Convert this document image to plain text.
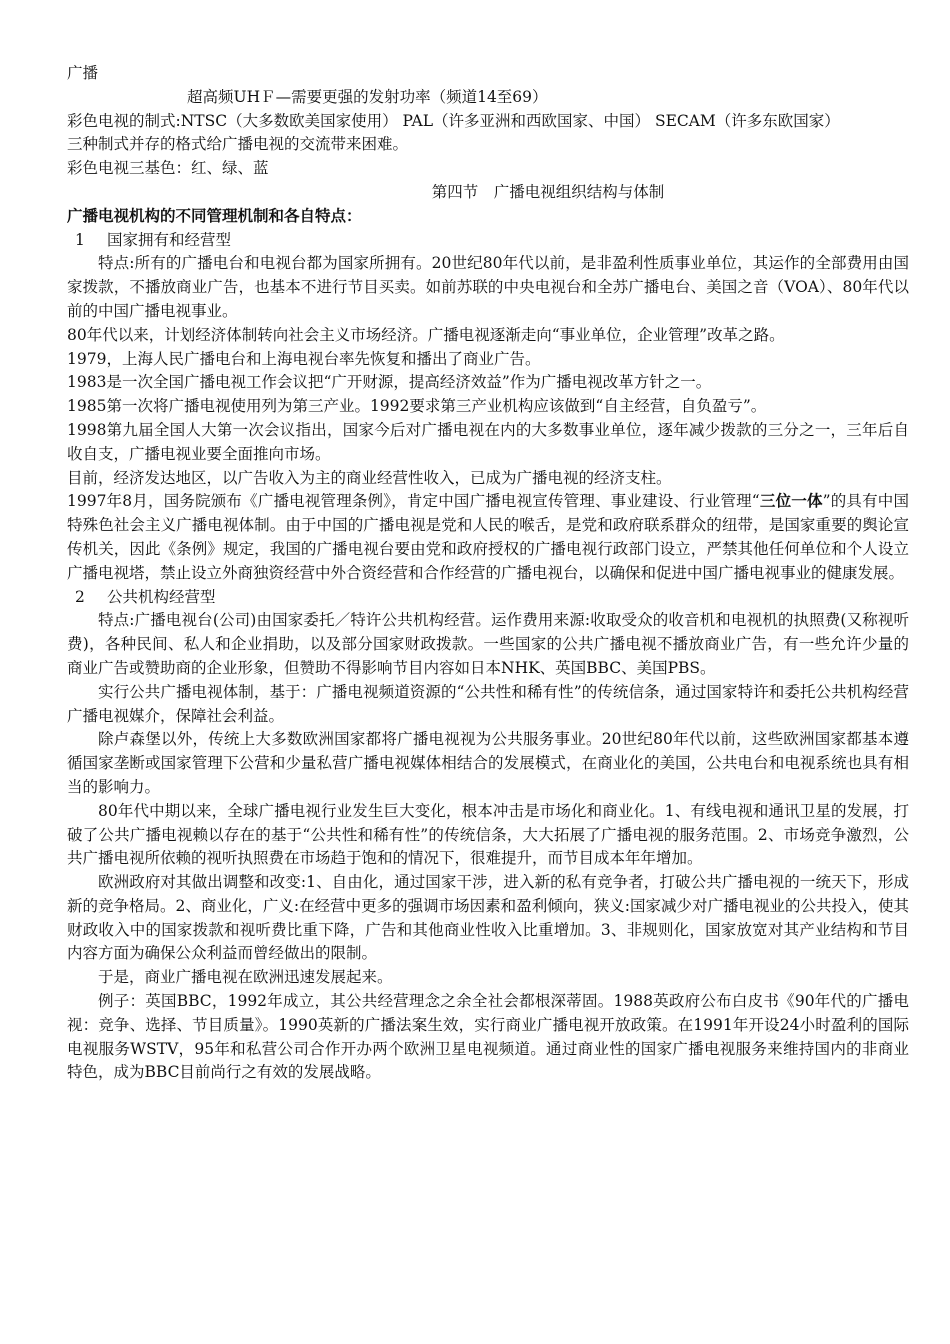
广播

超高频UHＦ—需要更强的发射功率（频道14至69）

彩色电视的制式:NTSC（大多数欧美国家使用） PAL（许多亚洲和西欧国家、中国） SECAM（许多东欧国家）

三种制式并存的格式给广播电视的交流带来困难。

彩色电视三基色：红、绿、蓝

第四节　广播电视组织结构与体制

广播电视机构的不同管理机制和各自特点：

1 国家拥有和经营型

特点:所有的广播电台和电视台都为国家所拥有。20世纪80年代以前，是非盈利性质事业单位，其运作的全部费用由国家拨款，不播放商业广告，也基本不进行节目买卖。如前苏联的中央电视台和全苏广播电台、美国之音（VOA）、80年代以前的中国广播电视事业。

80年代以来，计划经济体制转向社会主义市场经济。广播电视逐渐走向“事业单位，企业管理”改革之路。

1979，上海人民广播电台和上海电视台率先恢复和播出了商业广告。

1983是一次全国广播电视工作会议把“广开财源，提高经济效益”作为广播电视改革方针之一。

1985第一次将广播电视使用列为第三产业。1992要求第三产业机构应该做到“自主经营，自负盈亏”。

1998第九届全国人大第一次会议指出，国家今后对广播电视在内的大多数事业单位，逐年减少拨款的三分之一，三年后自收自支，广播电视业要全面推向市场。

目前，经济发达地区，以广告收入为主的商业经营性收入，已成为广播电视的经济支柱。

1997年8月，国务院颁布《广播电视管理条例》，肯定中国广播电视宣传管理、事业建设、行业管理“三位一体”的具有中国特殊色社会主义广播电视体制。由于中国的广播电视是党和人民的喉舌，是党和政府联系群众的纽带，是国家重要的舆论宣传机关，因此《条例》规定，我国的广播电视台要由党和政府授权的广播电视行政部门设立，严禁其他任何单位和个人设立广播电视塔，禁止设立外商独资经营中外合资经营和合作经营的广播电视台，以确保和促进中国广播电视事业的健康发展。

2 公共机构经营型

特点:广播电视台(公司)由国家委托／特许公共机构经营。运作费用来源:收取受众的收音机和电视机的执照费(又称视听费)，各种民间、私人和企业捐助，以及部分国家财政拨款。一些国家的公共广播电视不播放商业广告，有一些允许少量的商业广告或赞助商的企业形象，但赞助不得影响节目内容如日本NHK、英国BBC、美国PBS。

实行公共广播电视体制，基于：广播电视频道资源的“公共性和稀有性”的传统信条，通过国家特许和委托公共机构经营广播电视媒介，保障社会利益。

除卢森堡以外，传统上大多数欧洲国家都将广播电视视为公共服务事业。20世纪80年代以前，这些欧洲国家都基本遵循国家垄断或国家管理下公营和少量私营广播电视媒体相结合的发展模式，在商业化的美国，公共电台和电视系统也具有相当的影响力。

80年代中期以来，全球广播电视行业发生巨大变化，根本冲击是市场化和商业化。1、有线电视和通讯卫星的发展，打破了公共广播电视赖以存在的基于“公共性和稀有性”的传统信条，大大拓展了广播电视的服务范围。2、市场竞争激烈，公共广播电视所依赖的视听执照费在市场趋于饱和的情况下，很难提升，而节目成本年年增加。

欧洲政府对其做出调整和改变:1、自由化，通过国家干涉，进入新的私有竞争者，打破公共广播电视的一统天下，形成新的竞争格局。2、商业化，广义:在经营中更多的强调市场因素和盈利倾向，狭义:国家减少对广播电视业的公共投入，使其财政收入中的国家拨款和视听费比重下降，广告和其他商业性收入比重增加。3、非规则化，国家放宽对其产业结构和节目内容方面为确保公众利益而曾经做出的限制。

于是，商业广播电视在欧洲迅速发展起来。

例子：英国BBC，1992年成立，其公共经营理念之余全社会都根深蒂固。1988英政府公布白皮书《90年代的广播电视：竞争、选择、节目质量》。1990英新的广播法案生效，实行商业广播电视开放政策。在1991年开设24小时盈利的国际电视服务WSTV，95年和私营公司合作开办两个欧洲卫星电视频道。通过商业性的国家广播电视服务来维持国内的非商业特色，成为BBC目前尚行之有效的发展战略。
